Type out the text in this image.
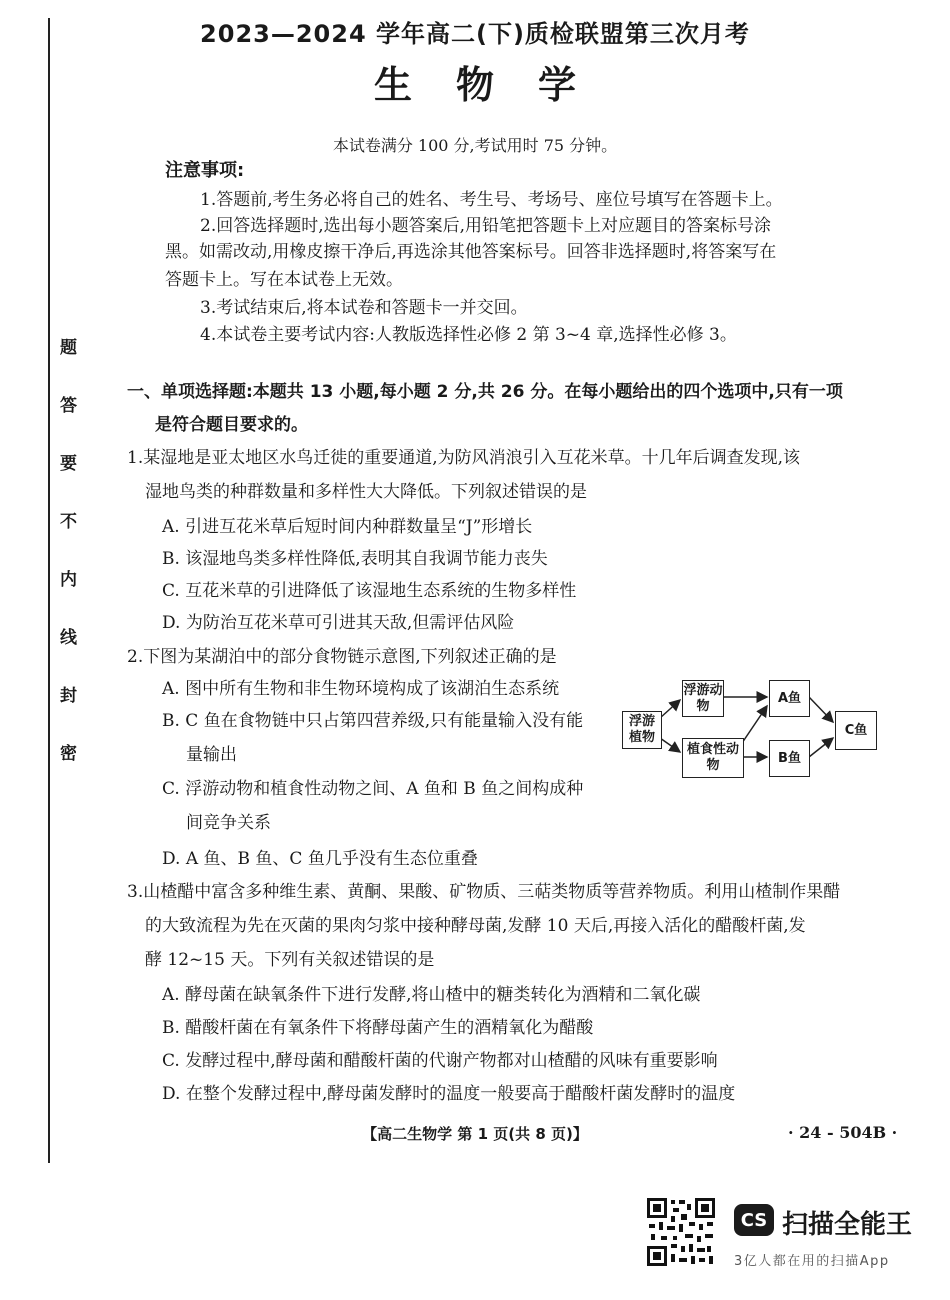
题
答
要
不
内
线
封
密
2023—2024 学年高二(下)质检联盟第三次月考
生物学
本试卷满分 100 分,考试用时 75 分钟。
注意事项:
1.答题前,考生务必将自己的姓名、考生号、考场号、座位号填写在答题卡上。
2.回答选择题时,选出每小题答案后,用铅笔把答题卡上对应题目的答案标号涂
黑。如需改动,用橡皮擦干净后,再选涂其他答案标号。回答非选择题时,将答案写在
答题卡上。写在本试卷上无效。
3.考试结束后,将本试卷和答题卡一并交回。
4.本试卷主要考试内容:人教版选择性必修 2 第 3~4 章,选择性必修 3。
一、单项选择题:本题共 13 小题,每小题 2 分,共 26 分。在每小题给出的四个选项中,只有一项
是符合题目要求的。
1.某湿地是亚太地区水鸟迁徙的重要通道,为防风消浪引入互花米草。十几年后调查发现,该
湿地鸟类的种群数量和多样性大大降低。下列叙述错误的是
A. 引进互花米草后短时间内种群数量呈“J”形增长
B. 该湿地鸟类多样性降低,表明其自我调节能力丧失
C. 互花米草的引进降低了该湿地生态系统的生物多样性
D. 为防治互花米草可引进其天敌,但需评估风险
2.下图为某湖泊中的部分食物链示意图,下列叙述正确的是
A. 图中所有生物和非生物环境构成了该湖泊生态系统
B. C 鱼在食物链中只占第四营养级,只有能量输入没有能
量输出
C. 浮游动物和植食性动物之间、A 鱼和 B 鱼之间构成种
间竞争关系
D. A 鱼、B 鱼、C 鱼几乎没有生态位重叠
浮游植物
浮游动物
植食性动物
A鱼
B鱼
C鱼
3.山楂醋中富含多种维生素、黄酮、果酸、矿物质、三萜类物质等营养物质。利用山楂制作果醋
的大致流程为先在灭菌的果肉匀浆中接种酵母菌,发酵 10 天后,再接入活化的醋酸杆菌,发
酵 12~15 天。下列有关叙述错误的是
A. 酵母菌在缺氧条件下进行发酵,将山楂中的糖类转化为酒精和二氧化碳
B. 醋酸杆菌在有氧条件下将酵母菌产生的酒精氧化为醋酸
C. 发酵过程中,酵母菌和醋酸杆菌的代谢产物都对山楂醋的风味有重要影响
D. 在整个发酵过程中,酵母菌发酵时的温度一般要高于醋酸杆菌发酵时的温度
【高二生物学 第 1 页(共 8 页)】	· 24 - 504B ·
CS 扫描全能王
3亿人都在用的扫描App
